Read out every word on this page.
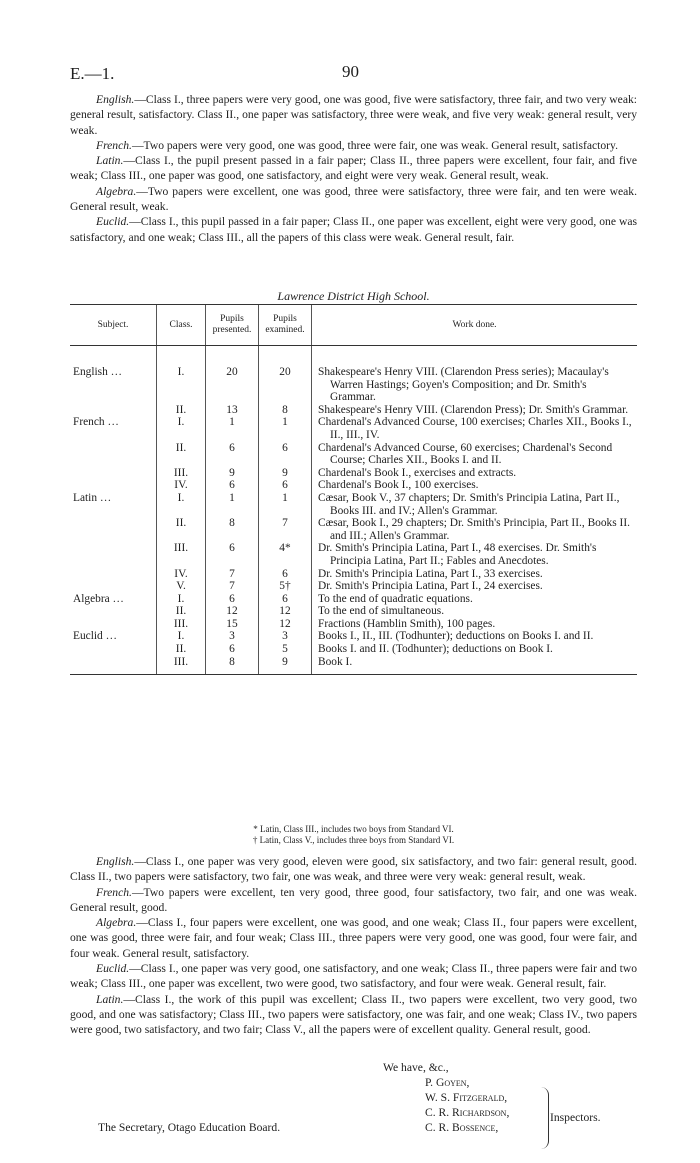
E.—1.	90

English.—Class I., three papers were very good, one was good, five were satisfactory, three fair, and two very weak: general result, satisfactory. Class II., one paper was satisfactory, three were weak, and five very weak: general result, very weak.

French.—Two papers were very good, one was good, three were fair, one was weak. General result, satisfactory.

Latin.—Class I., the pupil present passed in a fair paper; Class II., three papers were excellent, four fair, and five weak; Class III., one paper was good, one satisfactory, and eight were very weak. General result, weak.

Algebra.—Two papers were excellent, one was good, three were satisfactory, three were fair, and ten were weak. General result, weak.

Euclid.—Class I., this pupil passed in a fair paper; Class II., one paper was excellent, eight were very good, one was satisfactory, and one weak; Class III., all the papers of this class were weak. General result, fair.

Lawrence District High School.
Subject.	Class.	Pupils presented.	Pupils examined.	Work done.
English …	I.	20	20	Shakespeare's Henry VIII. (Clarendon Press series); Macaulay's Warren Hastings; Goyen's Composition; and Dr. Smith's Grammar.

	II.	13	8	Shakespeare's Henry VIII. (Clarendon Press); Dr. Smith's Grammar.

French …	I.	1	1	Chardenal's Advanced Course, 100 exercises; Charles XII., Books I., II., III., IV.

	II.	6	6	Chardenal's Advanced Course, 60 exercises; Chardenal's Second Course; Charles XII., Books I. and II.

	III.	9	9	Chardenal's Book I., exercises and extracts.

	IV.	6	6	Chardenal's Book I., 100 exercises.

Latin …	I.	1	1	Cæsar, Book V., 37 chapters; Dr. Smith's Principia Latina, Part II., Books III. and IV.; Allen's Grammar.

	II.	8	7	Cæsar, Book I., 29 chapters; Dr. Smith's Principia, Part II., Books II. and III.; Allen's Grammar.

	III.	6	4*	Dr. Smith's Principia Latina, Part I., 48 exercises. Dr. Smith's Principia Latina, Part II.; Fables and Anecdotes.

	IV.	7	6	Dr. Smith's Principia Latina, Part I., 33 exercises.

	V.	7	5†	Dr. Smith's Principia Latina, Part I., 24 exercises.

Algebra …	I.	6	6	To the end of quadratic equations.

	II.	12	12	To the end of simultaneous.

	III.	15	12	Fractions (Hamblin Smith), 100 pages.

Euclid …	I.	3	3	Books I., II., III. (Todhunter); deductions on Books I. and II.

	II.	6	5	Books I. and II. (Todhunter); deductions on Book I.

	III.	8	9	Book I.
* Latin, Class III., includes two boys from Standard VI.
† Latin, Class V., includes three boys from Standard VI.

English.—Class I., one paper was very good, eleven were good, six satisfactory, and two fair: general result, good. Class II., two papers were satisfactory, two fair, one was weak, and three were very weak: general result, weak.

French.—Two papers were excellent, ten very good, three good, four satisfactory, two fair, and one was weak. General result, good.

Algebra.—Class I., four papers were excellent, one was good, and one weak; Class II., four papers were excellent, one was good, three were fair, and four weak; Class III., three papers were very good, one was good, four were fair, and four weak. General result, satisfactory.

Euclid.—Class I., one paper was very good, one satisfactory, and one weak; Class II., three papers were fair and two weak; Class III., one paper was excellent, two were good, two satisfactory, and four were weak. General result, fair.

Latin.—Class I., the work of this pupil was excellent; Class II., two papers were excellent, two very good, two good, and one was satisfactory; Class III., two papers were satisfactory, one was fair, and one weak; Class IV., two papers were good, two satisfactory, and two fair; Class V., all the papers were of excellent quality. General result, good.

We have, &c.,
P. Goyen,
W. S. Fitzgerald,
C. R. Richardson,
C. R. Bossence,
Inspectors.
The Secretary, Otago Education Board.
